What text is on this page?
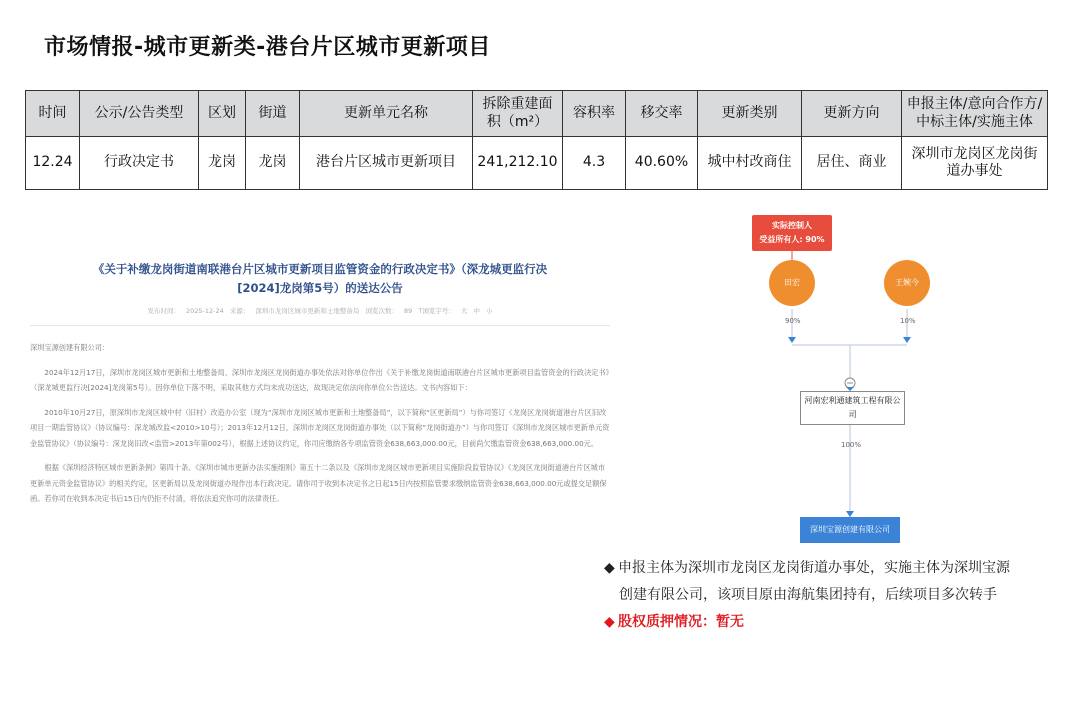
市场情报-城市更新类-港台片区城市更新项目
时间	公示/公告类型	区划	街道	更新单元名称	拆除重建面积（m²）	容积率	移交率	更新类别	更新方向	申报主体/意向合作方/中标主体/实施主体
12.24	行政决定书	龙岗	龙岗	港台片区城市更新项目	241,212.10	4.3	40.60%	城中村改商住	居住、商业	深圳市龙岗区龙岗街道办事处
《关于补缴龙岗街道南联港台片区城市更新项目监管资金的行政决定书》（深龙城更监行决
[2024]龙岗第5号）的送达公告
发布时间： 2025-12-24 来源： 深圳市龙岗区城市更新和土地整备局 浏览次数： 89 T浏览字号： 大 中 小

深圳宝源创建有限公司：

2024年12月17日，深圳市龙岗区城市更新和土地整备局、深圳市龙岗区龙岗街道办事处依法对你单位作出《关于补缴龙岗街道南联港台片区城市更新项目监管资金的行政决定书》（深龙城更监行决[2024]龙岗第5号）。因你单位下落不明，采取其他方式均未成功送达，故现决定依法向你单位公告送达。文书内容如下：

2010年10月27日，原深圳市龙岗区城中村（旧村）改造办公室（现为“深圳市龙岗区城市更新和土地整备局”，以下简称“区更新局”）与你司签订《龙岗区龙岗街道港台片区旧改项目一期监管协议》（协议编号：深龙城改监<2010>10号）；2013年12月12日，深圳市龙岗区龙岗街道办事处（以下简称“龙岗街道办”）与你司签订《深圳市龙岗区城市更新单元资金监管协议》（协议编号：深龙岗旧改<监管>2013年第002号），根据上述协议约定，你司应缴纳各专项监管资金638,663,000.00元，目前尚欠缴监管资金638,663,000.00元。

根据《深圳经济特区城市更新条例》第四十条、《深圳市城市更新办法实施细则》第五十二条以及《深圳市龙岗区城市更新项目实施阶段监管协议》《龙岗区龙岗街道港台片区城市更新单元资金监管协议》的相关约定，区更新局以及龙岗街道办现作出本行政决定。请你司于收到本决定书之日起15日内按照监管要求缴纳监管资金638,663,000.00元或提交足额保函。若你司在收到本决定书后15日内仍拒不付清，将依法追究你司的法律责任。

实际控制人
受益所有人: 90%
田宏	王婉今
90%	10%
河南宏利通建筑工程有限公司
100%
深圳宝源创建有限公司
◆ 申报主体为深圳市龙岗区龙岗街道办事处，实施主体为深圳宝源
创建有限公司，该项目原由海航集团持有，后续项目多次转手
◆ 股权质押情况：暂无
